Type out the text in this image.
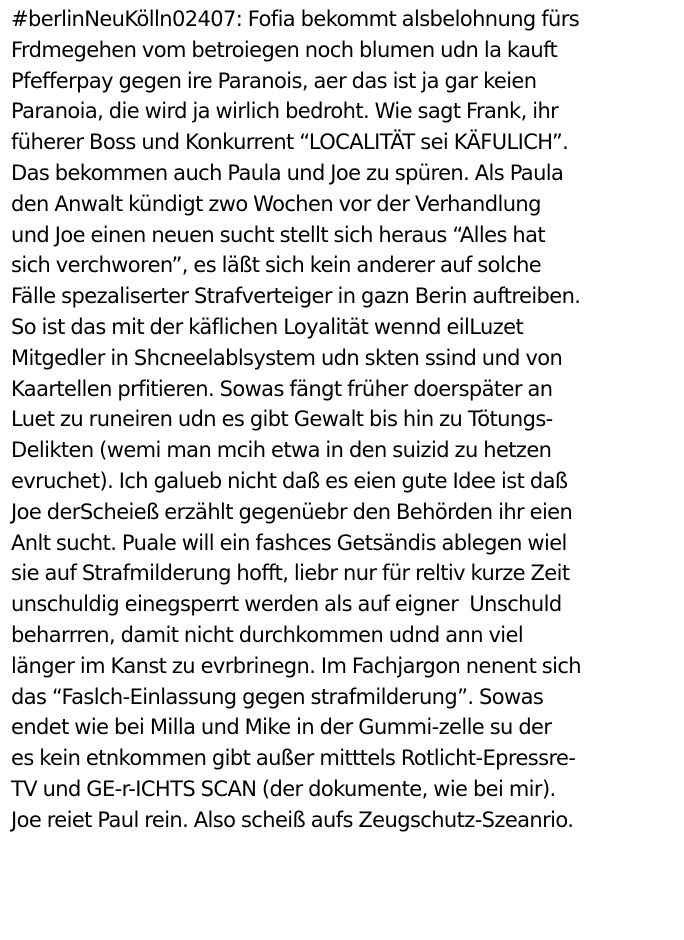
#berlinNeuKölln02407: Fofia bekommt alsbelohnung fürs
Frdmegehen vom betroiegen noch blumen udn la kauft
Pfefferpay gegen ire Paranois, aer das ist ja gar keien
Paranoia, die wird ja wirlich bedroht. Wie sagt Frank, ihr
füherer Boss und Konkurrent “LOCALITÄT sei KÄFULICH”.
Das bekommen auch Paula und Joe zu spüren. Als Paula
den Anwalt kündigt zwo Wochen vor der Verhandlung
und Joe einen neuen sucht stellt sich heraus “Alles hat
sich verchworen”, es läßt sich kein anderer auf solche
Fälle spezaliserter Strafverteiger in gazn Berin auftreiben.
So ist das mit der käflichen Loyalität wennd eilLuzet
Mitgedler in Shcneelablsystem udn skten ssind und von
Kaartellen prfitieren. Sowas fängt früher doerspäter an
Luet zu runeiren udn es gibt Gewalt bis hin zu Tötungs-
Delikten (wemi man mcih etwa in den suizid zu hetzen
evruchet). Ich galueb nicht daß es eien gute Idee ist daß
Joe derScheieß erzählt gegenüebr den Behörden ihr eien
Anlt sucht. Puale will ein fashces Getsändis ablegen wiel
sie auf Strafmilderung hofft, liebr nur für reltiv kurze Zeit
unschuldig einegsperrt werden als auf eigner  Unschuld
beharrren, damit nicht durchkommen udnd ann viel
länger im Kanst zu evrbrinegn. Im Fachjargon nenent sich
das “Faslch-Einlassung gegen strafmilderung”. Sowas
endet wie bei Milla und Mike in der Gummi-zelle su der
es kein etnkommen gibt außer mitttels Rotlicht-Epressre-
TV und GE-r-ICHTS SCAN (der dokumente, wie bei mir).
Joe reiet Paul rein. Also scheiß aufs Zeugschutz-Szeanrio.
